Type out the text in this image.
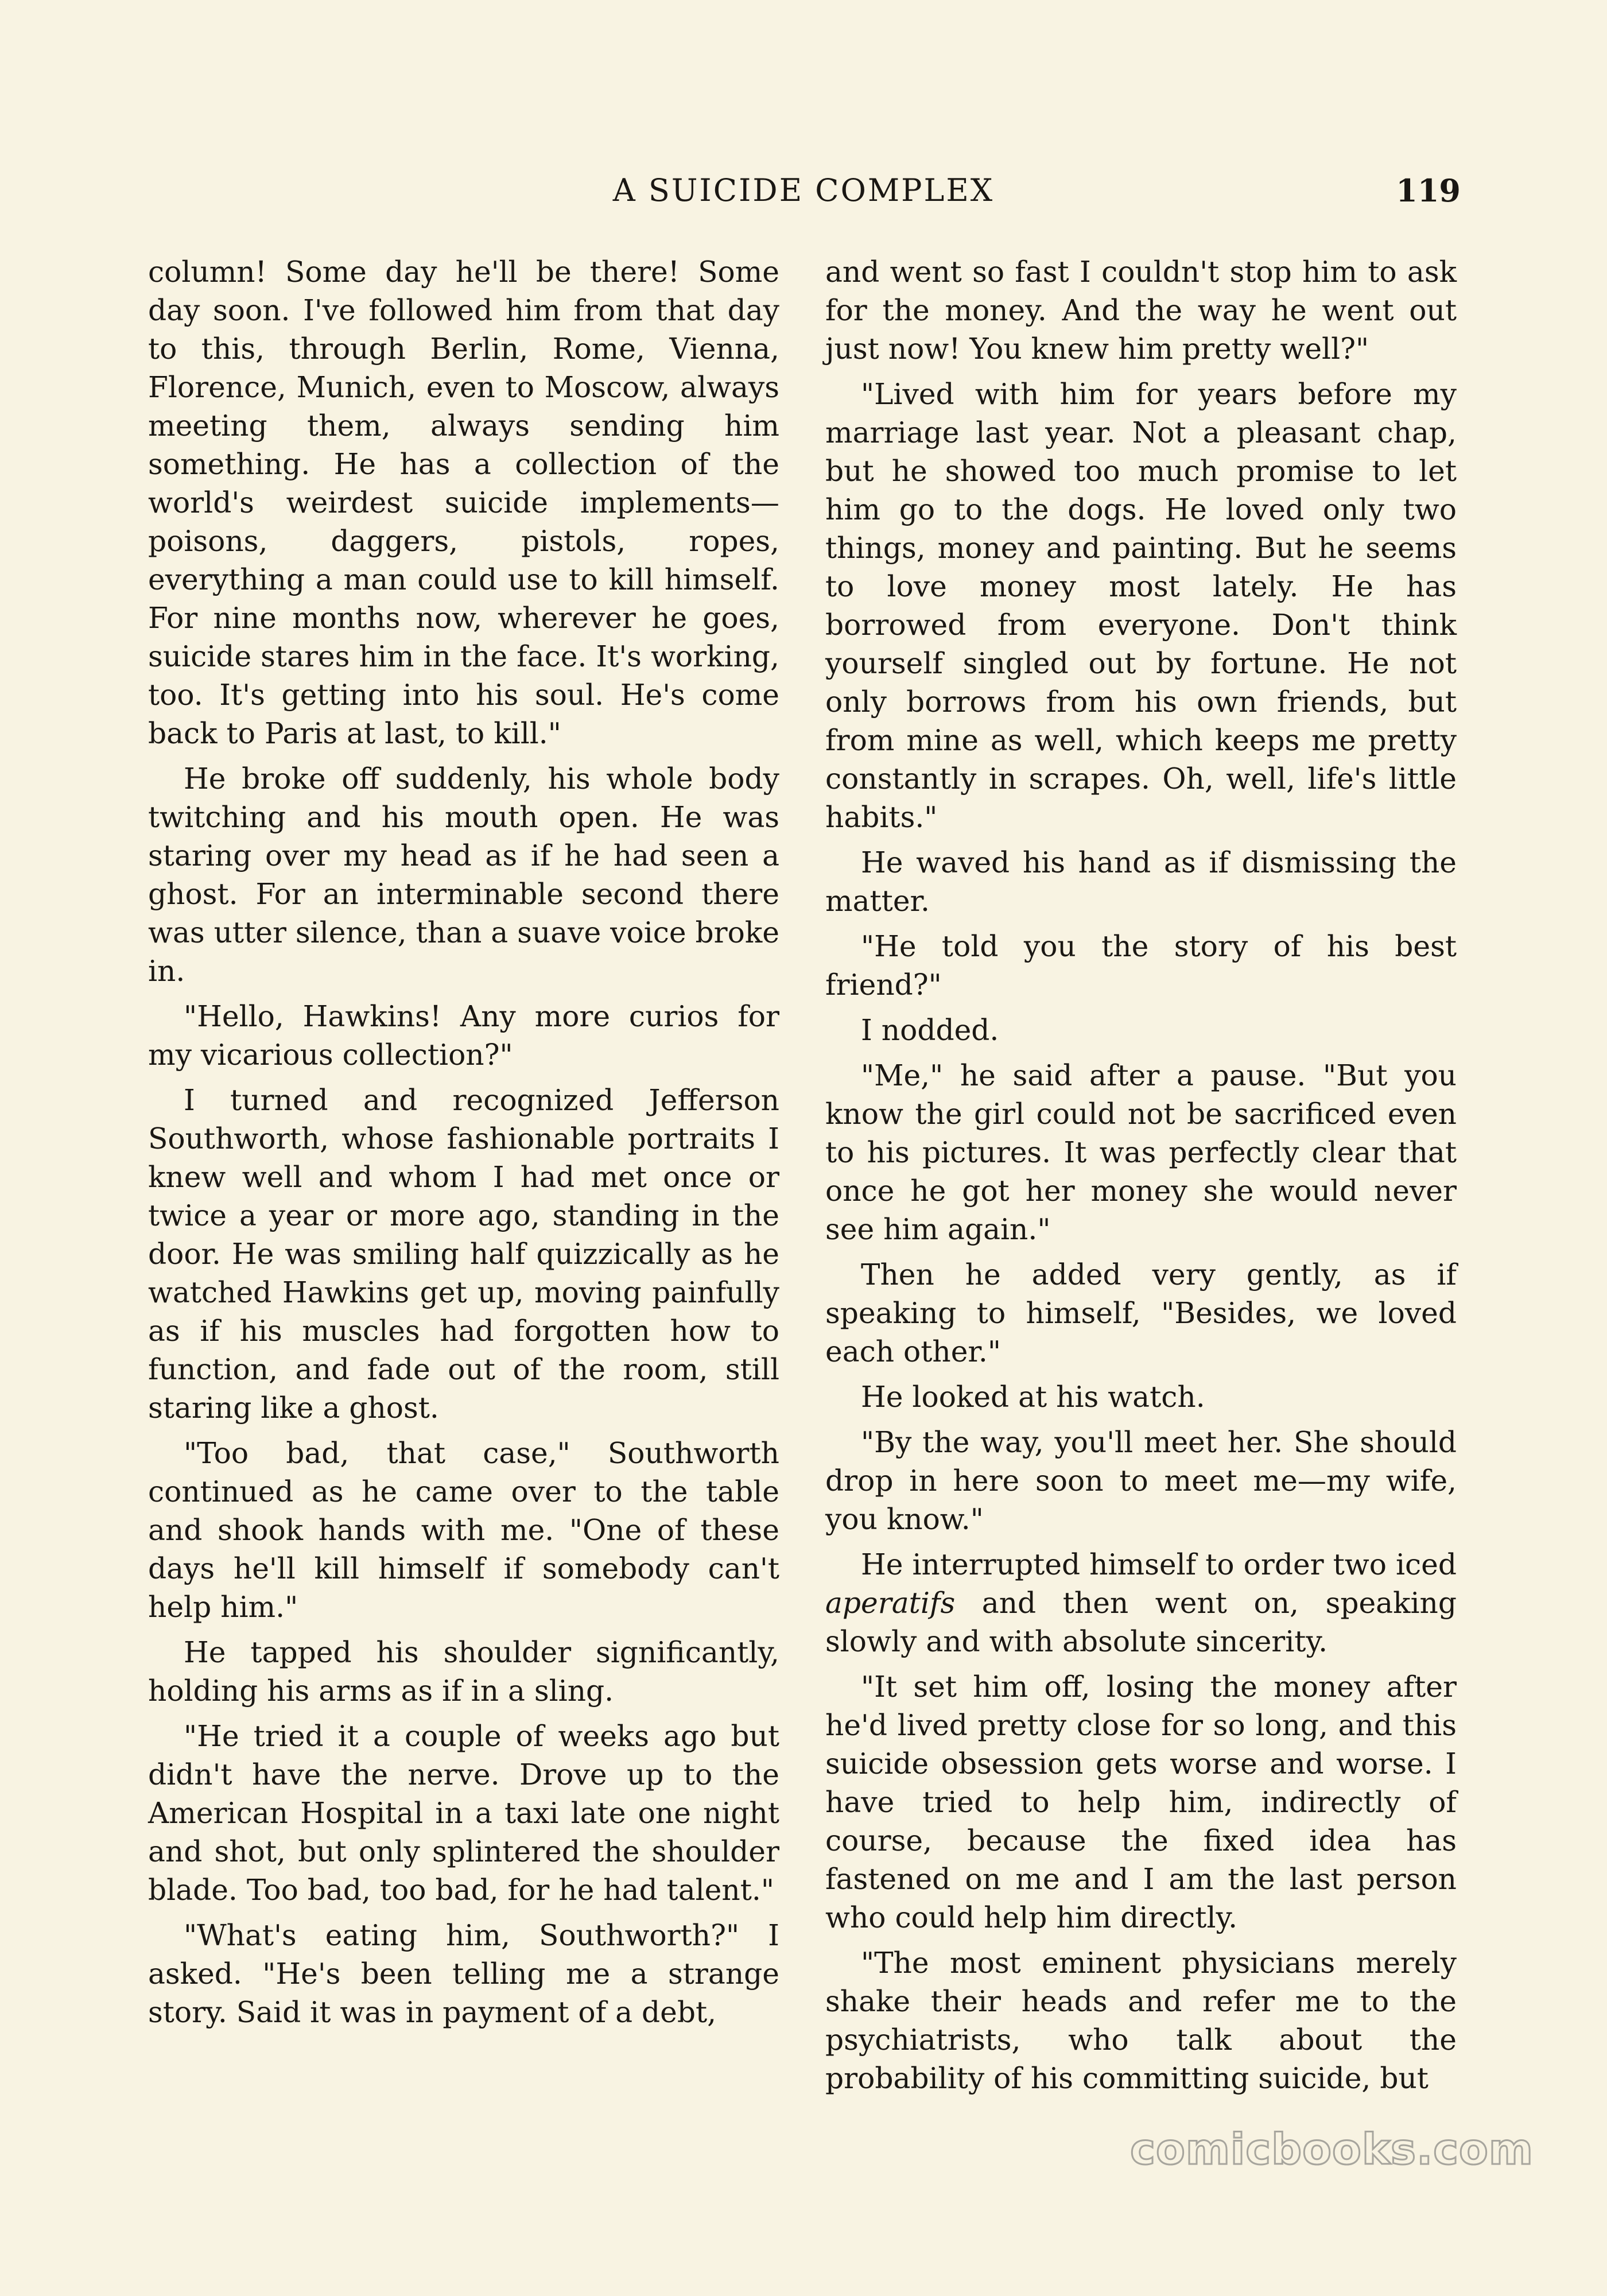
A SUICIDE COMPLEX	119

column! Some day he'll be there! Some day soon. I've followed him from that day to this, through Berlin, Rome, Vienna, Florence, Munich, even to Moscow, always meeting them, always sending him something. He has a collection of the world's weirdest suicide implements—poisons, daggers, pistols, ropes, everything a man could use to kill himself. For nine months now, wherever he goes, suicide stares him in the face. It's working, too. It's getting into his soul. He's come back to Paris at last, to kill."

He broke off suddenly, his whole body twitching and his mouth open. He was staring over my head as if he had seen a ghost. For an interminable second there was utter silence, than a suave voice broke in.

"Hello, Hawkins! Any more curios for my vicarious collection?"

I turned and recognized Jefferson Southworth, whose fashionable portraits I knew well and whom I had met once or twice a year or more ago, standing in the door. He was smiling half quizzically as he watched Hawkins get up, moving painfully as if his muscles had forgotten how to function, and fade out of the room, still staring like a ghost.

"Too bad, that case," Southworth continued as he came over to the table and shook hands with me. "One of these days he'll kill himself if somebody can't help him."

He tapped his shoulder significantly, holding his arms as if in a sling.

"He tried it a couple of weeks ago but didn't have the nerve. Drove up to the American Hospital in a taxi late one night and shot, but only splintered the shoulder blade. Too bad, too bad, for he had talent."

"What's eating him, Southworth?" I asked. "He's been telling me a strange story. Said it was in payment of a debt,

and went so fast I couldn't stop him to ask for the money. And the way he went out just now! You knew him pretty well?"

"Lived with him for years before my marriage last year. Not a pleasant chap, but he showed too much promise to let him go to the dogs. He loved only two things, money and painting. But he seems to love money most lately. He has borrowed from everyone. Don't think yourself singled out by fortune. He not only borrows from his own friends, but from mine as well, which keeps me pretty constantly in scrapes. Oh, well, life's little habits."

He waved his hand as if dismissing the matter.

"He told you the story of his best friend?"

I nodded.

"Me," he said after a pause. "But you know the girl could not be sacrificed even to his pictures. It was perfectly clear that once he got her money she would never see him again."

Then he added very gently, as if speaking to himself, "Besides, we loved each other."

He looked at his watch.

"By the way, you'll meet her. She should drop in here soon to meet me—my wife, you know."

He interrupted himself to order two iced aperatifs and then went on, speaking slowly and with absolute sincerity.

"It set him off, losing the money after he'd lived pretty close for so long, and this suicide obsession gets worse and worse. I have tried to help him, indirectly of course, because the fixed idea has fastened on me and I am the last person who could help him directly.

"The most eminent physicians merely shake their heads and refer me to the psychiatrists, who talk about the probability of his committing suicide, but

comicbooks.com
